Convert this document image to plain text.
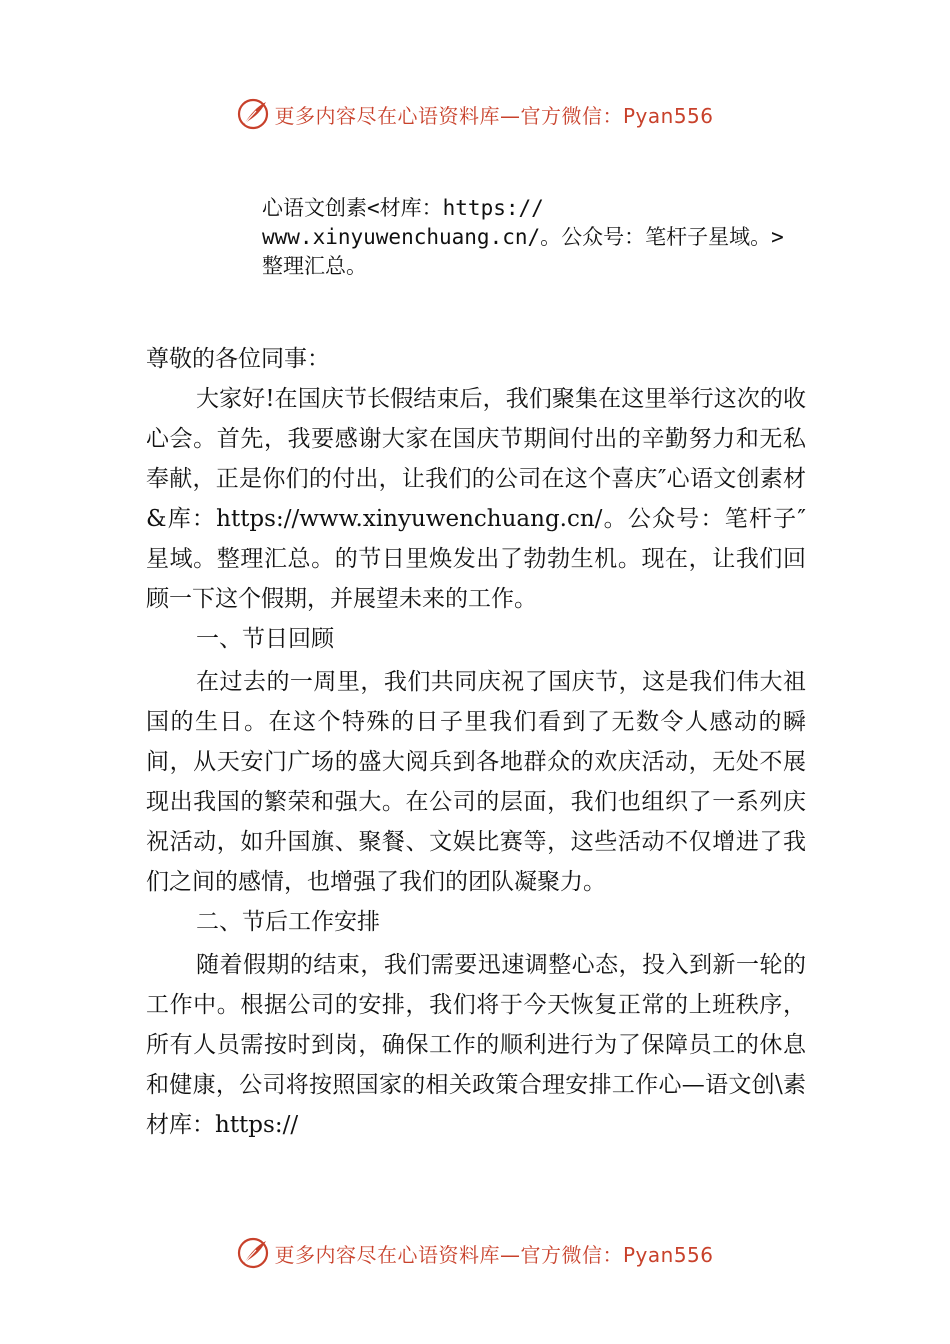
更多内容尽在心语资料库—官方微信：Pyan556
心语文创素<材库：https://
www.xinyuwenchuang.cn/。公众号：笔杆子星域。>
整理汇总。

尊敬的各位同事：

大家好!在国庆节长假结束后，我们聚集在这里举行这次的收心会。首先，我要感谢大家在国庆节期间付出的辛勤努力和无私奉献，正是你们的付出，让我们的公司在这个喜庆″心语文创素材&库：https://www.xinyuwenchuang.cn/。公众号：笔杆子″星域。整理汇总。的节日里焕发出了勃勃生机。现在，让我们回顾一下这个假期，并展望未来的工作。

一、节日回顾

在过去的一周里，我们共同庆祝了国庆节，这是我们伟大祖国的生日。在这个特殊的日子里我们看到了无数令人感动的瞬间，从天安门广场的盛大阅兵到各地群众的欢庆活动，无处不展现出我国的繁荣和强大。在公司的层面，我们也组织了一系列庆祝活动，如升国旗、聚餐、文娱比赛等，这些活动不仅增进了我们之间的感情，也增强了我们的团队凝聚力。

二、节后工作安排

随着假期的结束，我们需要迅速调整心态，投入到新一轮的工作中。根据公司的安排，我们将于今天恢复正常的上班秩序，所有人员需按时到岗，确保工作的顺利进行为了保障员工的休息和健康，公司将按照国家的相关政策合理安排工作心—语文创\素材库：https://

更多内容尽在心语资料库—官方微信：Pyan556
